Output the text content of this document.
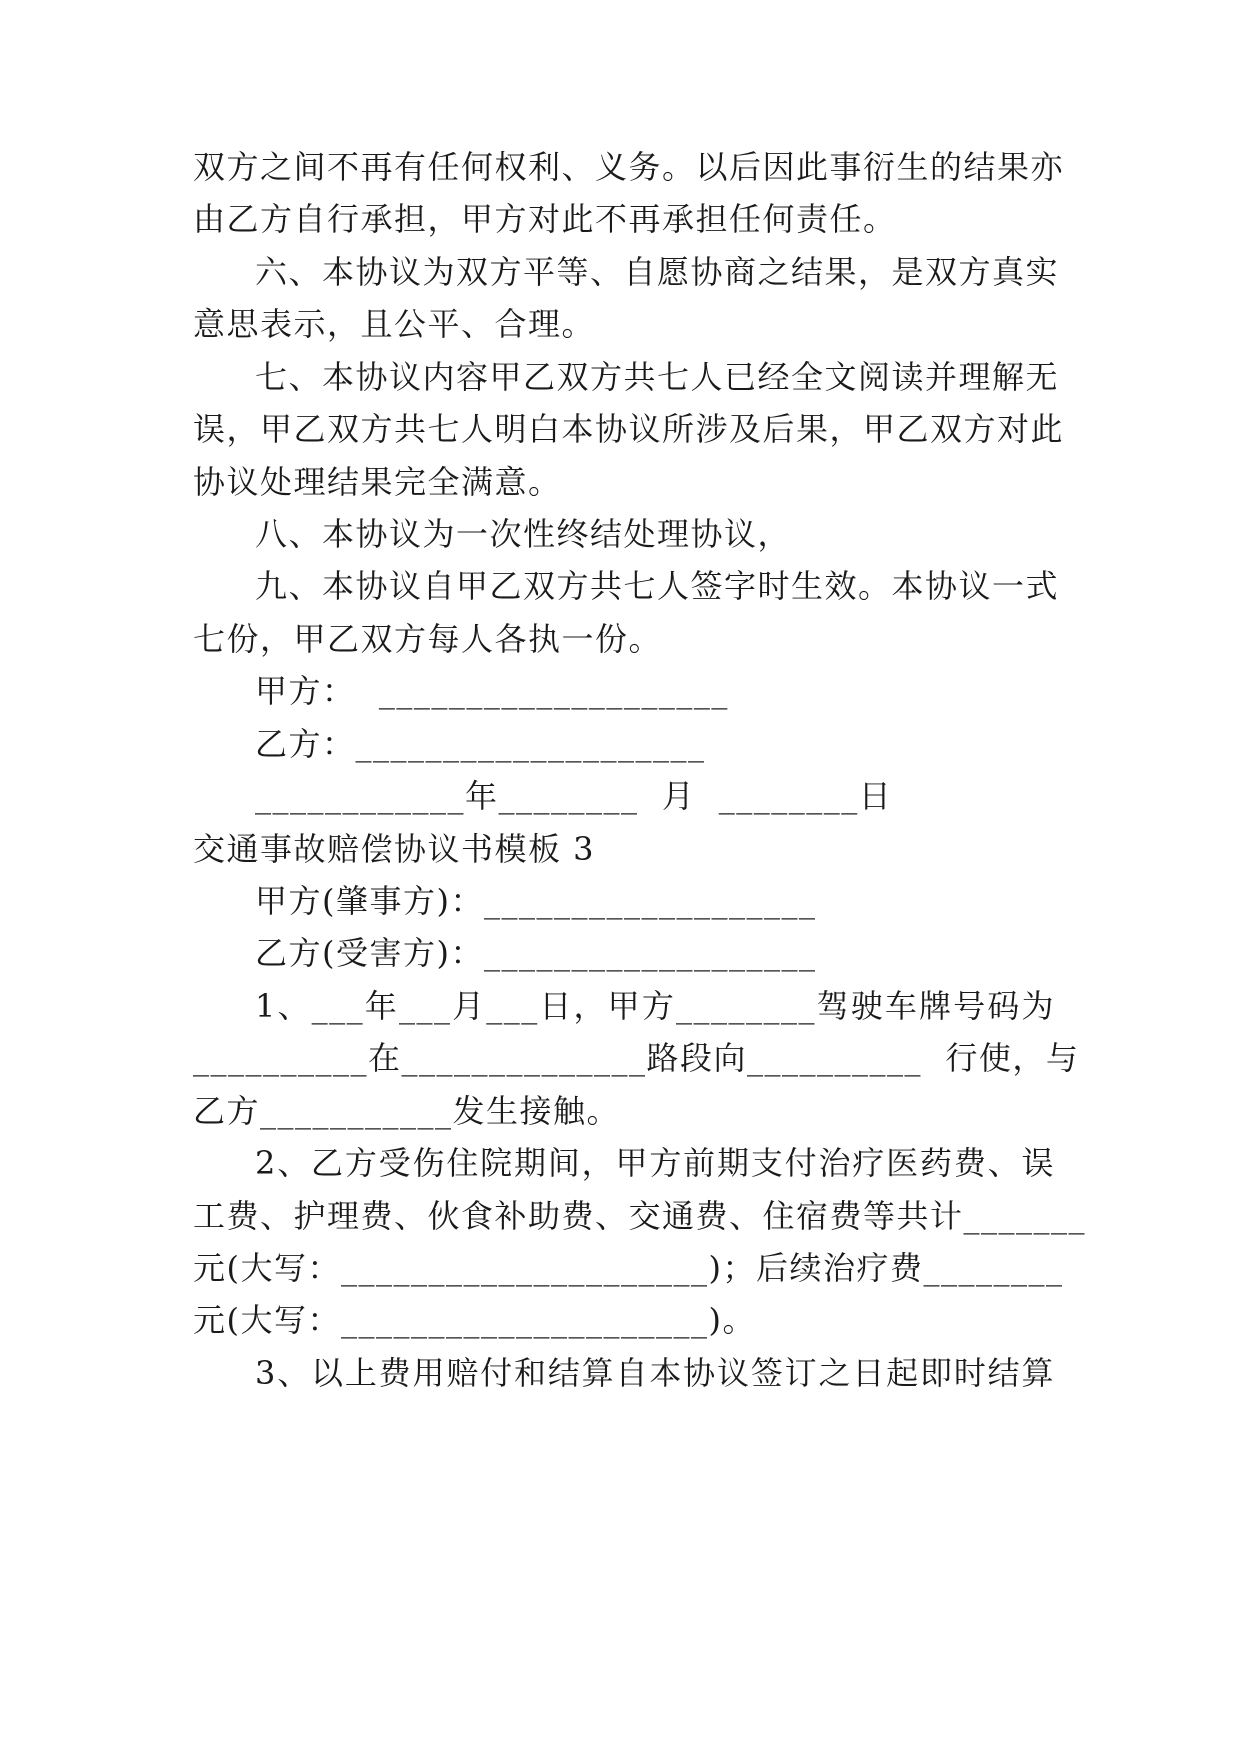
双方之间不再有任何权利、义务。以后因此事衍生的结果亦
由乙方自行承担，甲方对此不再承担任何责任。
六、本协议为双方平等、自愿协商之结果，是双方真实
意思表示，且公平、合理。
七、本协议内容甲乙双方共七人已经全文阅读并理解无
误，甲乙双方共七人明白本协议所涉及后果，甲乙双方对此
协议处理结果完全满意。
八、本协议为一次性终结处理协议，
九、本协议自甲乙双方共七人签字时生效。本协议一式
七份，甲乙双方每人各执一份。
甲方：  ____________________
乙方：____________________
____________年________  月  ________日
交通事故赔偿协议书模板 3
甲方(肇事方)：___________________
乙方(受害方)：___________________
1、___年___月___日，甲方________驾驶车牌号码为
__________在______________路段向__________  行使，与
乙方___________发生接触。
2、乙方受伤住院期间，甲方前期支付治疗医药费、误
工费、护理费、伙食补助费、交通费、住宿费等共计_______
元(大写：_____________________)；后续治疗费________
元(大写：_____________________)。
3、以上费用赔付和结算自本协议签订之日起即时结算
